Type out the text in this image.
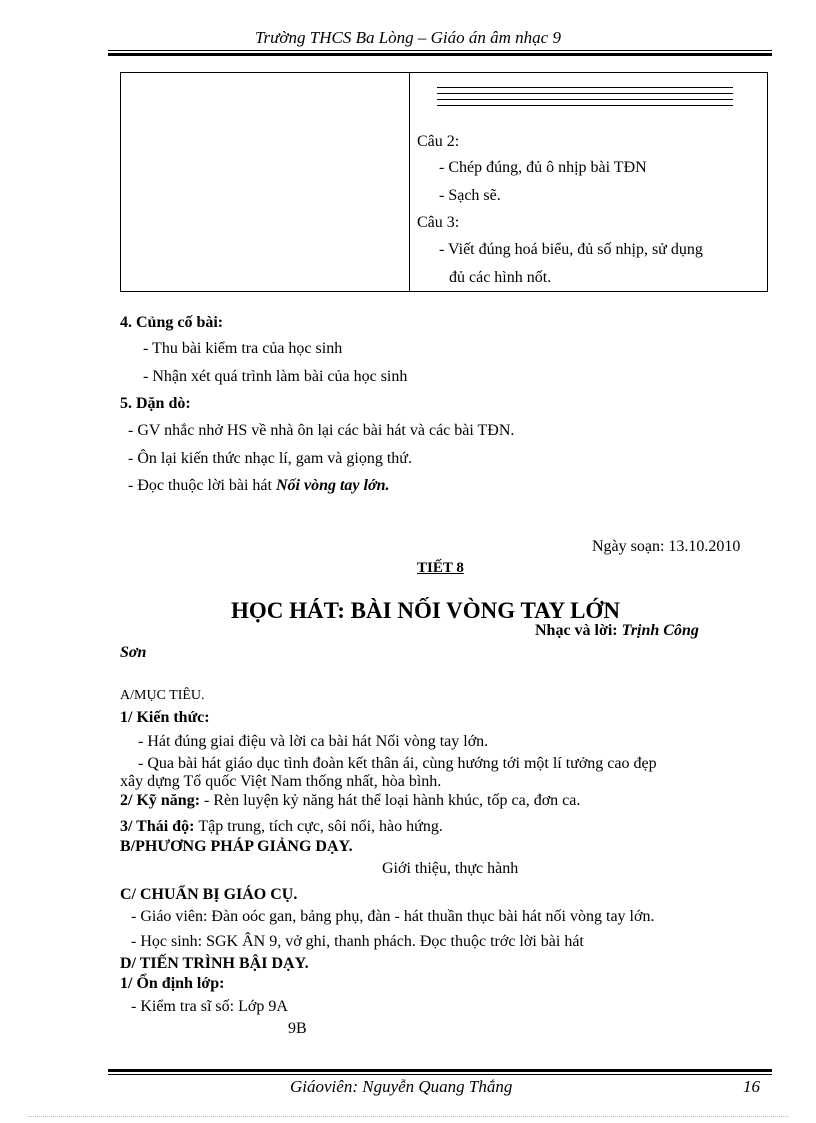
Trường THCS Ba Lòng – Giáo án âm nhạc 9
Câu 2:
- Chép đúng, đủ ô nhịp bài TĐN
- Sạch sẽ.
Câu 3:
- Viết đúng hoá biểu, đủ số nhịp, sử dụng
đủ các hình nốt.
4. Củng cố bài:
- Thu bài kiểm tra của học sinh
- Nhận xét quá trình làm bài của học sinh
5. Dặn dò:
- GV nhắc nhở HS về nhà ôn lại các bài hát và các bài TĐN.
- Ôn lại kiến thức nhạc lí, gam và giọng thứ.
- Đọc thuộc lời bài hát Nối vòng tay lớn.
Ngày soạn: 13.10.2010
TIẾT 8
HỌC HÁT: BÀI NỐI VÒNG TAY LỚN
Nhạc và lời: Trịnh Công
Sơn
A/MỤC TIÊU.
1/ Kiến thức:
- Hát đúng giai điệu và lời ca bài hát Nối vòng tay lớn.
- Qua bài hát giáo dục tình đoàn kết thân ái, cùng hướng tới một lí tưởng cao đẹp
xây dựng Tổ quốc Việt Nam thống nhất, hòa bình.
2/ Kỹ năng: - Rèn luyện kỷ năng hát thể loại hành khúc, tốp ca, đơn ca.
3/ Thái độ: Tập trung, tích cực, sôi nổi, hào hứng.
B/PHƯƠNG PHÁP GIẢNG DẠY.
Giới thiệu, thực hành
C/ CHUẨN BỊ GIÁO CỤ.
- Giáo viên: Đàn oóc gan, bảng phụ, đàn - hát thuần thục bài hát nối vòng tay lớn.
- Học sinh: SGK ÂN 9, vở ghi, thanh phách. Đọc thuộc trớc lời bài hát
D/ TIẾN TRÌNH BẬI DẠY.
1/ Ổn định lớp:
- Kiểm tra sĩ số: Lớp 9A
9B
Giáoviên: Nguyễn Quang Thắng	16
